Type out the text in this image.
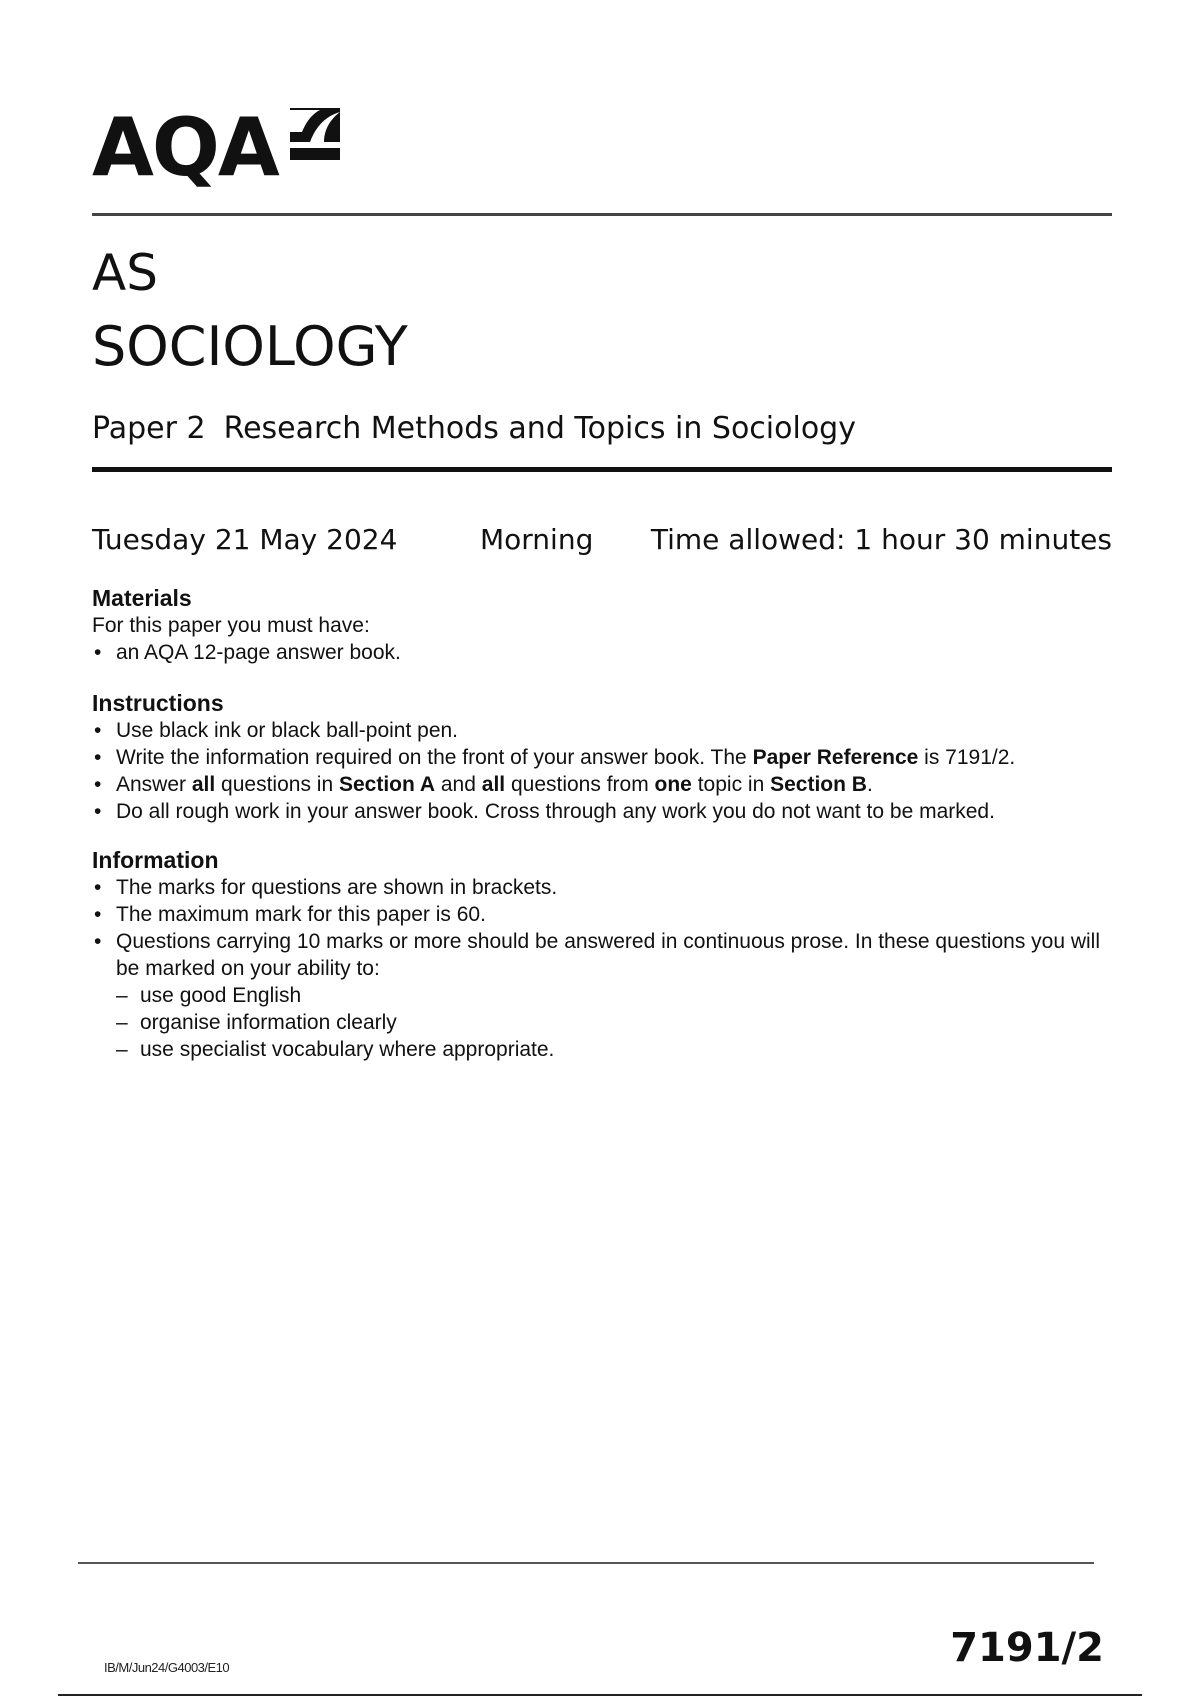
AQA
AS
SOCIOLOGY
Paper 2 Research Methods and Topics in Sociology
Tuesday 21 May 2024	Morning Time allowed: 1 hour 30 minutes
Materials

For this paper you must have:

• an AQA 12-page answer book.
Instructions
• Use black ink or black ball-point pen.
• Write the information required on the front of your answer book. The Paper Reference is 7191/2.
• Answer all questions in Section A and all questions from one topic in Section B.
• Do all rough work in your answer book. Cross through any work you do not want to be marked.
Information
• The marks for questions are shown in brackets.
• The maximum mark for this paper is 60.
• Questions carrying 10 marks or more should be answered in continuous prose. In these questions you will be marked on your ability to:
– use good English
– organise information clearly
– use specialist vocabulary where appropriate.
IB/M/Jun24/G4003/E10	7191/2
